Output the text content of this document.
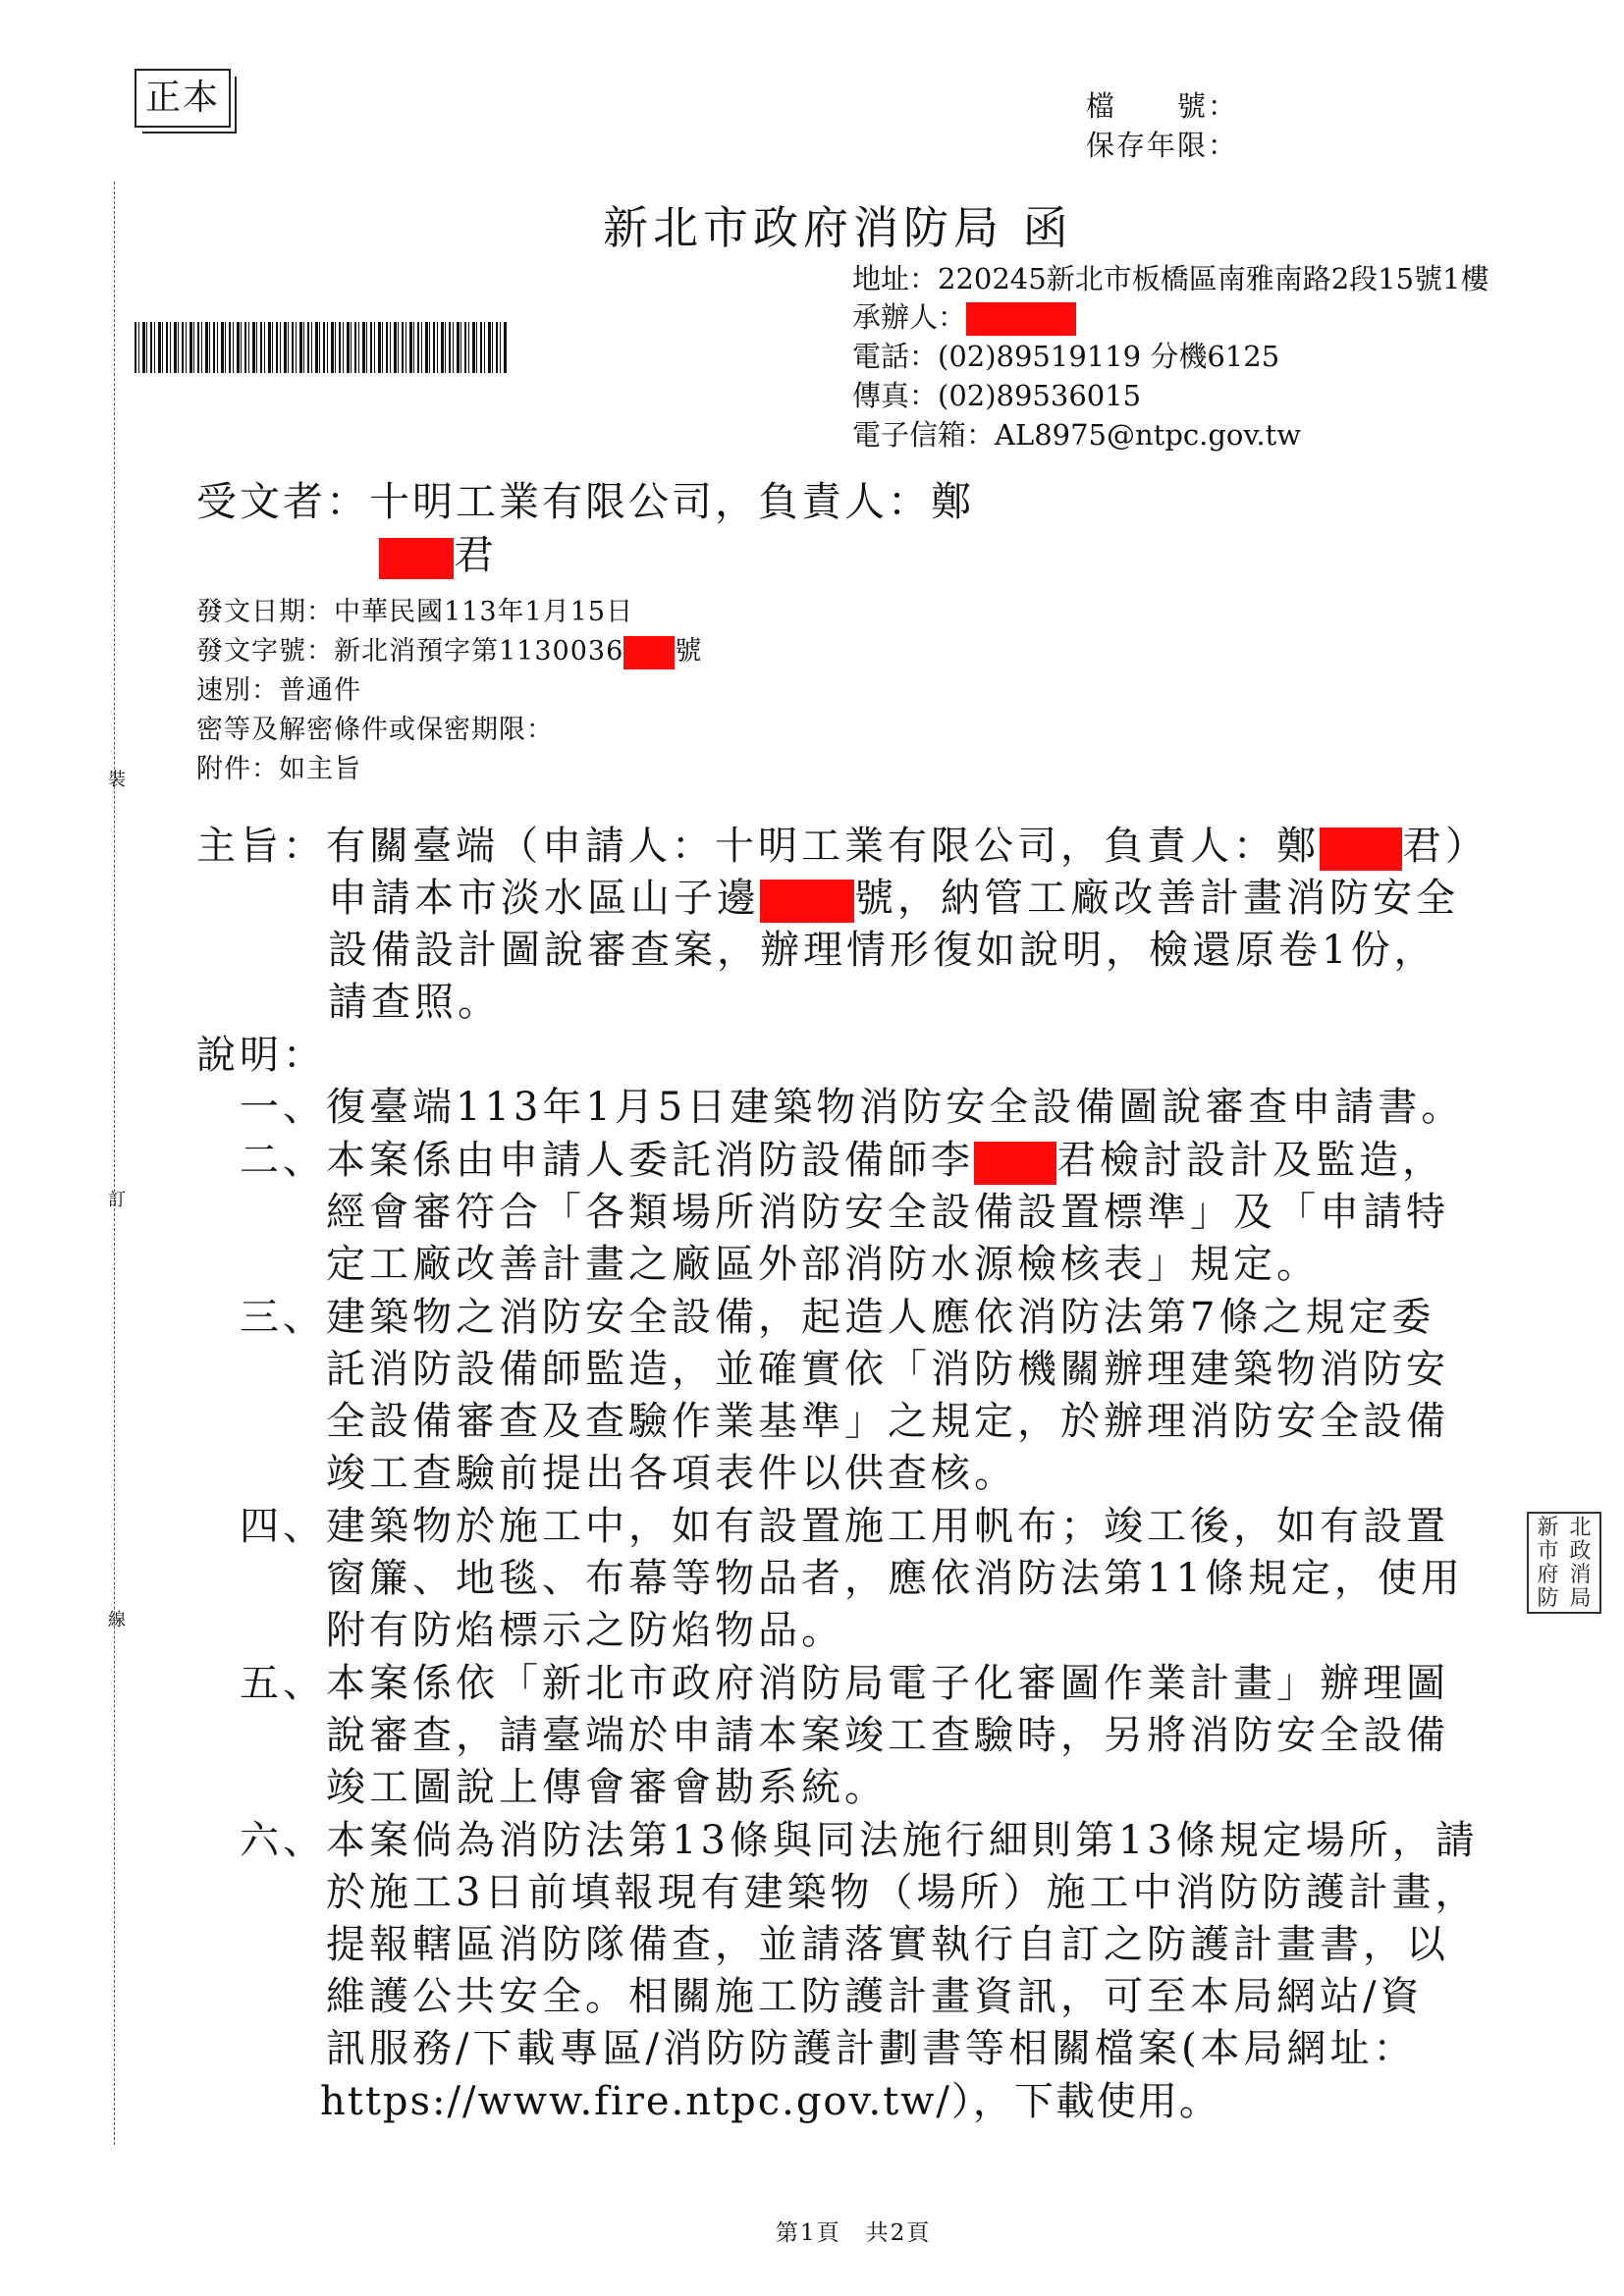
正本	檔　　號：
保存年限：
新北市政府消防局 函
裝
訂
線
地址：220245新北市板橋區南雅南路2段15號1樓
承辦人：
電話：(02)89519119 分機6125
傳真：(02)89536015
電子信箱：AL8975@ntpc.gov.tw
受文者：十明工業有限公司，負責人：鄭
君
發文日期：中華民國113年1月15日
發文字號：新北消預字第1130036 號
速別：普通件
密等及解密條件或保密期限：
附件：如主旨
主旨：有關臺端（申請人：十明工業有限公司，負責人：鄭 君）
申請本市淡水區山子邊 號，納管工廠改善計畫消防安全
設備設計圖說審查案，辦理情形復如說明，檢還原卷1份，
請查照。
說明：
一、復臺端113年1月5日建築物消防安全設備圖說審查申請書。
二、本案係由申請人委託消防設備師李 君檢討設計及監造，
經會審符合「各類場所消防安全設備設置標準」及「申請特
定工廠改善計畫之廠區外部消防水源檢核表」規定。
三、建築物之消防安全設備，起造人應依消防法第7條之規定委
託消防設備師監造，並確實依「消防機關辦理建築物消防安
全設備審查及查驗作業基準」之規定，於辦理消防安全設備
竣工查驗前提出各項表件以供查核。
四、建築物於施工中，如有設置施工用帆布；竣工後，如有設置
窗簾、地毯、布幕等物品者，應依消防法第11條規定，使用
附有防焰標示之防焰物品。
五、本案係依「新北市政府消防局電子化審圖作業計畫」辦理圖
說審查，請臺端於申請本案竣工查驗時，另將消防安全設備
竣工圖說上傳會審會勘系統。
六、本案倘為消防法第13條與同法施行細則第13條規定場所，請
於施工3日前填報現有建築物（場所）施工中消防防護計畫，
提報轄區消防隊備查，並請落實執行自訂之防護計畫書，以
維護公共安全。相關施工防護計畫資訊，可至本局網站/資
訊服務/下載專區/消防防護計劃書等相關檔案(本局網址：
https://www.fire.ntpc.gov.tw/），下載使用。
新 北
市 政
府 消
防 局
第1頁　共2頁
